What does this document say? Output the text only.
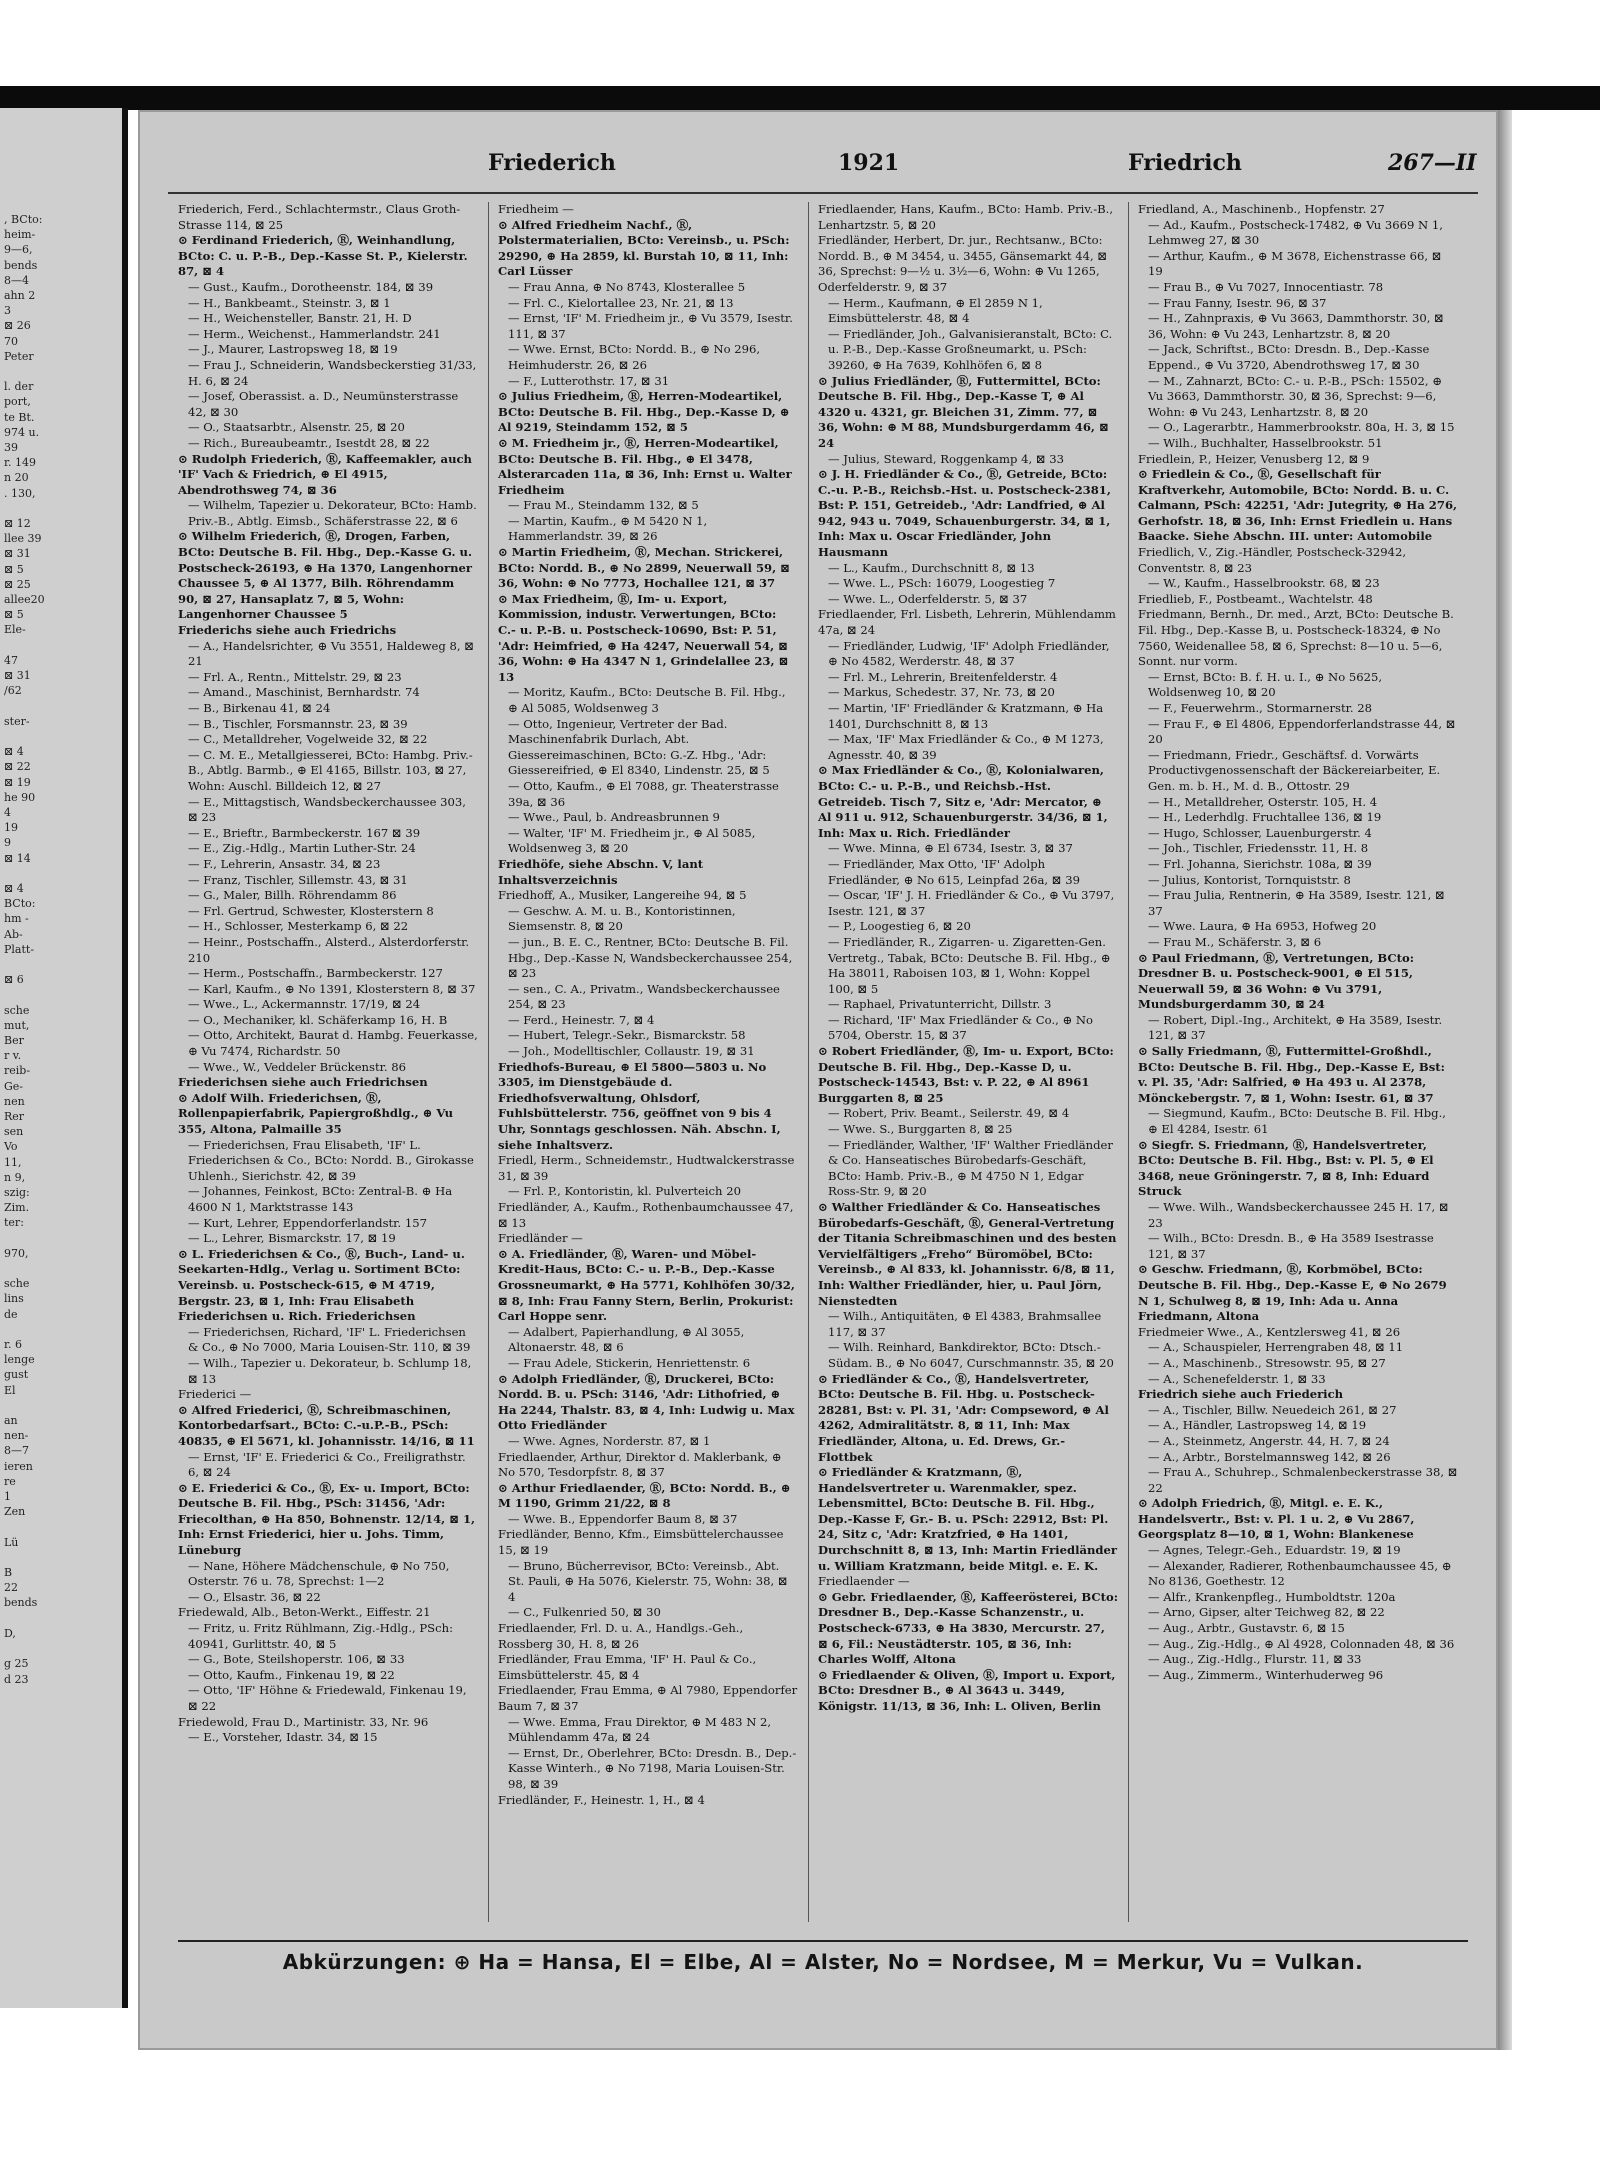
, BCto:
heim-
9—6,
bends
8—4
ahn 2
3
⊠ 26
70
Peter

l. der
port,
te Bt.
974 u.
39
r. 149
n 20
. 130,

⊠ 12
llee 39
⊠ 31
⊠ 5
⊠ 25
allee20
⊠ 5
Ele-

47
⊠ 31
/62

ster-

⊠ 4
⊠ 22
⊠ 19
he 90
4
19
9
⊠ 14

⊠ 4
BCto:
hm -
Ab-
Platt-

⊠ 6

sche
mut,
Ber
r v.
reib-
Ge-
nen
Rer
sen
Vo
11,
n 9,
szig:
Zim.
ter:

970,

sche
lins
de

r. 6
lenge
gust
El

an
nen-
8—7
ieren
re
1
Zen

Lü

B
22
bends

D,

g 25
d 23
Friederich	1921	Friedrich	267—II

Friederich, Ferd., Schlachtermstr., Claus Groth-Strasse 114, ⊠ 25

⊙ Ferdinand Friederich, Ⓡ, Weinhandlung, BCto: C. u. P.-B., Dep.-Kasse St. P., Kielerstr. 87, ⊠ 4

— Gust., Kaufm., Dorotheenstr. 184, ⊠ 39

— H., Bankbeamt., Steinstr. 3, ⊠ 1

— H., Weichensteller, Banstr. 21, H. D

— Herm., Weichenst., Hammerlandstr. 241

— J., Maurer, Lastropsweg 18, ⊠ 19

— Frau J., Schneiderin, Wandsbeckerstieg 31/33, H. 6, ⊠ 24

— Josef, Oberassist. a. D., Neumünsterstrasse 42, ⊠ 30

— O., Staatsarbtr., Alsenstr. 25, ⊠ 20

— Rich., Bureaubeamtr., Isestdt 28, ⊠ 22

⊙ Rudolph Friederich, Ⓡ, Kaffeemakler, auch 'IF' Vach & Friedrich, ⊕ El 4915, Abendrothsweg 74, ⊠ 36

— Wilhelm, Tapezier u. Dekorateur, BCto: Hamb. Priv.-B., Abtlg. Eimsb., Schäferstrasse 22, ⊠ 6

⊙ Wilhelm Friederich, Ⓡ, Drogen, Farben, BCto: Deutsche B. Fil. Hbg., Dep.-Kasse G. u. Postscheck-26193, ⊕ Ha 1370, Langenhorner Chaussee 5, ⊕ Al 1377, Bilh. Röhrendamm 90, ⊠ 27, Hansaplatz 7, ⊠ 5, Wohn: Langenhorner Chaussee 5

Friederichs siehe auch Friedrichs

— A., Handelsrichter, ⊕ Vu 3551, Haldeweg 8, ⊠ 21

— Frl. A., Rentn., Mittelstr. 29, ⊠ 23

— Amand., Maschinist, Bernhardstr. 74

— B., Birkenau 41, ⊠ 24

— B., Tischler, Forsmannstr. 23, ⊠ 39

— C., Metalldreher, Vogelweide 32, ⊠ 22

— C. M. E., Metallgiesserei, BCto: Hambg. Priv.-B., Abtlg. Barmb., ⊕ El 4165, Billstr. 103, ⊠ 27, Wohn: Auschl. Billdeich 12, ⊠ 27

— E., Mittagstisch, Wandsbeckerchaussee 303, ⊠ 23

— E., Brieftr., Barmbeckerstr. 167 ⊠ 39

— E., Zig.-Hdlg., Martin Luther-Str. 24

— F., Lehrerin, Ansastr. 34, ⊠ 23

— Franz, Tischler, Sillemstr. 43, ⊠ 31

— G., Maler, Billh. Röhrendamm 86

— Frl. Gertrud, Schwester, Klosterstern 8

— H., Schlosser, Mesterkamp 6, ⊠ 22

— Heinr., Postschaffn., Alsterd., Alsterdorferstr. 210

— Herm., Postschaffn., Barmbeckerstr. 127

— Karl, Kaufm., ⊕ No 1391, Klosterstern 8, ⊠ 37

— Wwe., L., Ackermannstr. 17/19, ⊠ 24

— O., Mechaniker, kl. Schäferkamp 16, H. B

— Otto, Architekt, Baurat d. Hambg. Feuerkasse, ⊕ Vu 7474, Richardstr. 50

— Wwe., W., Veddeler Brückenstr. 86

Friederichsen siehe auch Friedrichsen

⊙ Adolf Wilh. Friederichsen, Ⓡ, Rollenpapierfabrik, Papiergroßhdlg., ⊕ Vu 355, Altona, Palmaille 35

— Friederichsen, Frau Elisabeth, 'IF' L. Friederichsen & Co., BCto: Nordd. B., Girokasse Uhlenh., Sierichstr. 42, ⊠ 39

— Johannes, Feinkost, BCto: Zentral-B. ⊕ Ha 4600 N 1, Marktstrasse 143

— Kurt, Lehrer, Eppendorferlandstr. 157

— L., Lehrer, Bismarckstr. 17, ⊠ 19

⊙ L. Friederichsen & Co., Ⓡ, Buch-, Land- u. Seekarten-Hdlg., Verlag u. Sortiment BCto: Vereinsb. u. Postscheck-615, ⊕ M 4719, Bergstr. 23, ⊠ 1, Inh: Frau Elisabeth Friederichsen u. Rich. Friederichsen

— Friederichsen, Richard, 'IF' L. Friederichsen & Co., ⊕ No 7000, Maria Louisen-Str. 110, ⊠ 39

— Wilh., Tapezier u. Dekorateur, b. Schlump 18, ⊠ 13

Friederici —

⊙ Alfred Friederici, Ⓡ, Schreibmaschinen, Kontorbedarfsart., BCto: C.-u.P.-B., PSch: 40835, ⊕ El 5671, kl. Johannisstr. 14/16, ⊠ 11

— Ernst, 'IF' E. Friederici & Co., Freiligrathstr. 6, ⊠ 24

⊙ E. Friederici & Co., Ⓡ, Ex- u. Import, BCto: Deutsche B. Fil. Hbg., PSch: 31456, 'Adr: Friecolthan, ⊕ Ha 850, Bohnenstr. 12/14, ⊠ 1, Inh: Ernst Friederici, hier u. Johs. Timm, Lüneburg

— Nane, Höhere Mädchenschule, ⊕ No 750, Osterstr. 76 u. 78, Sprechst: 1—2

— O., Elsastr. 36, ⊠ 22

Friedewald, Alb., Beton-Werkt., Eiffestr. 21

— Fritz, u. Fritz Rühlmann, Zig.-Hdlg., PSch: 40941, Gurlittstr. 40, ⊠ 5

— G., Bote, Steilshoperstr. 106, ⊠ 33

— Otto, Kaufm., Finkenau 19, ⊠ 22

— Otto, 'IF' Höhne & Friedewald, Finkenau 19, ⊠ 22

Friedewold, Frau D., Martinistr. 33, Nr. 96

— E., Vorsteher, Idastr. 34, ⊠ 15

Friedheim —

⊙ Alfred Friedheim Nachf., Ⓡ, Polstermaterialien, BCto: Vereinsb., u. PSch: 29290, ⊕ Ha 2859, kl. Burstah 10, ⊠ 11, Inh: Carl Lüsser

— Frau Anna, ⊕ No 8743, Klosterallee 5

— Frl. C., Kielortallee 23, Nr. 21, ⊠ 13

— Ernst, 'IF' M. Friedheim jr., ⊕ Vu 3579, Isestr. 111, ⊠ 37

— Wwe. Ernst, BCto: Nordd. B., ⊕ No 296, Heimhuderstr. 26, ⊠ 26

— F., Lutterothstr. 17, ⊠ 31

⊙ Julius Friedheim, Ⓡ, Herren-Modeartikel, BCto: Deutsche B. Fil. Hbg., Dep.-Kasse D, ⊕ Al 9219, Steindamm 152, ⊠ 5

⊙ M. Friedheim jr., Ⓡ, Herren-Modeartikel, BCto: Deutsche B. Fil. Hbg., ⊕ El 3478, Alsterarcaden 11a, ⊠ 36, Inh: Ernst u. Walter Friedheim

— Frau M., Steindamm 132, ⊠ 5

— Martin, Kaufm., ⊕ M 5420 N 1, Hammerlandstr. 39, ⊠ 26

⊙ Martin Friedheim, Ⓡ, Mechan. Strickerei, BCto: Nordd. B., ⊕ No 2899, Neuerwall 59, ⊠ 36, Wohn: ⊕ No 7773, Hochallee 121, ⊠ 37

⊙ Max Friedheim, Ⓡ, Im- u. Export, Kommission, industr. Verwertungen, BCto: C.- u. P.-B. u. Postscheck-10690, Bst: P. 51, 'Adr: Heimfried, ⊕ Ha 4247, Neuerwall 54, ⊠ 36, Wohn: ⊕ Ha 4347 N 1, Grindelallee 23, ⊠ 13

— Moritz, Kaufm., BCto: Deutsche B. Fil. Hbg., ⊕ Al 5085, Woldsenweg 3

— Otto, Ingenieur, Vertreter der Bad. Maschinenfabrik Durlach, Abt. Giessereimaschinen, BCto: G.-Z. Hbg., 'Adr: Giessereifried, ⊕ El 8340, Lindenstr. 25, ⊠ 5

— Otto, Kaufm., ⊕ El 7088, gr. Theaterstrasse 39a, ⊠ 36

— Wwe., Paul, b. Andreasbrunnen 9

— Walter, 'IF' M. Friedheim jr., ⊕ Al 5085, Woldsenweg 3, ⊠ 20

Friedhöfe, siehe Abschn. V, lant Inhaltsverzeichnis

Friedhoff, A., Musiker, Langereihe 94, ⊠ 5

— Geschw. A. M. u. B., Kontoristinnen, Siemsenstr. 8, ⊠ 20

— jun., B. E. C., Rentner, BCto: Deutsche B. Fil. Hbg., Dep.-Kasse N, Wandsbeckerchaussee 254, ⊠ 23

— sen., C. A., Privatm., Wandsbeckerchaussee 254, ⊠ 23

— Ferd., Heinestr. 7, ⊠ 4

— Hubert, Telegr.-Sekr., Bismarckstr. 58

— Joh., Modelltischler, Collaustr. 19, ⊠ 31

Friedhofs-Bureau, ⊕ El 5800—5803 u. No 3305, im Dienstgebäude d. Friedhofsverwaltung, Ohlsdorf, Fuhlsbüttelerstr. 756, geöffnet von 9 bis 4 Uhr, Sonntags geschlossen. Näh. Abschn. I, siehe Inhaltsverz.

Friedl, Herm., Schneidemstr., Hudtwalckerstrasse 31, ⊠ 39

— Frl. P., Kontoristin, kl. Pulverteich 20

Friedländer, A., Kaufm., Rothenbaumchaussee 47, ⊠ 13

Friedländer —

⊙ A. Friedländer, Ⓡ, Waren- und Möbel-Kredit-Haus, BCto: C.- u. P.-B., Dep.-Kasse Grossneumarkt, ⊕ Ha 5771, Kohlhöfen 30/32, ⊠ 8, Inh: Frau Fanny Stern, Berlin, Prokurist: Carl Hoppe senr.

— Adalbert, Papierhandlung, ⊕ Al 3055, Altonaerstr. 48, ⊠ 6

— Frau Adele, Stickerin, Henriettenstr. 6

⊙ Adolph Friedländer, Ⓡ, Druckerei, BCto: Nordd. B. u. PSch: 3146, 'Adr: Lithofried, ⊕ Ha 2244, Thalstr. 83, ⊠ 4, Inh: Ludwig u. Max Otto Friedländer

— Wwe. Agnes, Norderstr. 87, ⊠ 1

Friedlaender, Arthur, Direktor d. Maklerbank, ⊕ No 570, Tesdorpfstr. 8, ⊠ 37

⊙ Arthur Friedlaender, Ⓡ, BCto: Nordd. B., ⊕ M 1190, Grimm 21/22, ⊠ 8

— Wwe. B., Eppendorfer Baum 8, ⊠ 37

Friedländer, Benno, Kfm., Eimsbüttelerchaussee 15, ⊠ 19

— Bruno, Bücherrevisor, BCto: Vereinsb., Abt. St. Pauli, ⊕ Ha 5076, Kielerstr. 75, Wohn: 38, ⊠ 4

— C., Fulkenried 50, ⊠ 30

Friedlaender, Frl. D. u. A., Handlgs.-Geh., Rossberg 30, H. 8, ⊠ 26

Friedländer, Frau Emma, 'IF' H. Paul & Co., Eimsbüttelerstr. 45, ⊠ 4

Friedlaender, Frau Emma, ⊕ Al 7980, Eppendorfer Baum 7, ⊠ 37

— Wwe. Emma, Frau Direktor, ⊕ M 483 N 2, Mühlendamm 47a, ⊠ 24

— Ernst, Dr., Oberlehrer, BCto: Dresdn. B., Dep.-Kasse Winterh., ⊕ No 7198, Maria Louisen-Str. 98, ⊠ 39

Friedländer, F., Heinestr. 1, H., ⊠ 4

Friedlaender, Hans, Kaufm., BCto: Hamb. Priv.-B., Lenhartzstr. 5, ⊠ 20

Friedländer, Herbert, Dr. jur., Rechtsanw., BCto: Nordd. B., ⊕ M 3454, u. 3455, Gänsemarkt 44, ⊠ 36, Sprechst: 9—½ u. 3½—6, Wohn: ⊕ Vu 1265, Oderfelderstr. 9, ⊠ 37

— Herm., Kaufmann, ⊕ El 2859 N 1, Eimsbüttelerstr. 48, ⊠ 4

— Friedländer, Joh., Galvanisieranstalt, BCto: C. u. P.-B., Dep.-Kasse Großneumarkt, u. PSch: 39260, ⊕ Ha 7639, Kohlhöfen 6, ⊠ 8

⊙ Julius Friedländer, Ⓡ, Futtermittel, BCto: Deutsche B. Fil. Hbg., Dep.-Kasse T, ⊕ Al 4320 u. 4321, gr. Bleichen 31, Zimm. 77, ⊠ 36, Wohn: ⊕ M 88, Mundsburgerdamm 46, ⊠ 24

— Julius, Steward, Roggenkamp 4, ⊠ 33

⊙ J. H. Friedländer & Co., Ⓡ, Getreide, BCto: C.-u. P.-B., Reichsb.-Hst. u. Postscheck-2381, Bst: P. 151, Getreideb., 'Adr: Landfried, ⊕ Al 942, 943 u. 7049, Schauenburgerstr. 34, ⊠ 1, Inh: Max u. Oscar Friedländer, John Hausmann

— L., Kaufm., Durchschnitt 8, ⊠ 13

— Wwe. L., PSch: 16079, Loogestieg 7

— Wwe. L., Oderfelderstr. 5, ⊠ 37

Friedlaender, Frl. Lisbeth, Lehrerin, Mühlendamm 47a, ⊠ 24

— Friedländer, Ludwig, 'IF' Adolph Friedländer, ⊕ No 4582, Werderstr. 48, ⊠ 37

— Frl. M., Lehrerin, Breitenfelderstr. 4

— Markus, Schedestr. 37, Nr. 73, ⊠ 20

— Martin, 'IF' Friedländer & Kratzmann, ⊕ Ha 1401, Durchschnitt 8, ⊠ 13

— Max, 'IF' Max Friedländer & Co., ⊕ M 1273, Agnesstr. 40, ⊠ 39

⊙ Max Friedländer & Co., Ⓡ, Kolonialwaren, BCto: C.- u. P.-B., und Reichsb.-Hst. Getreideb. Tisch 7, Sitz e, 'Adr: Mercator, ⊕ Al 911 u. 912, Schauenburgerstr. 34/36, ⊠ 1, Inh: Max u. Rich. Friedländer

— Wwe. Minna, ⊕ El 6734, Isestr. 3, ⊠ 37

— Friedländer, Max Otto, 'IF' Adolph Friedländer, ⊕ No 615, Leinpfad 26a, ⊠ 39

— Oscar, 'IF' J. H. Friedländer & Co., ⊕ Vu 3797, Isestr. 121, ⊠ 37

— P., Loogestieg 6, ⊠ 20

— Friedländer, R., Zigarren- u. Zigaretten-Gen. Vertretg., Tabak, BCto: Deutsche B. Fil. Hbg., ⊕ Ha 38011, Raboisen 103, ⊠ 1, Wohn: Koppel 100, ⊠ 5

— Raphael, Privatunterricht, Dillstr. 3

— Richard, 'IF' Max Friedländer & Co., ⊕ No 5704, Oberstr. 15, ⊠ 37

⊙ Robert Friedländer, Ⓡ, Im- u. Export, BCto: Deutsche B. Fil. Hbg., Dep.-Kasse D, u. Postscheck-14543, Bst: v. P. 22, ⊕ Al 8961 Burggarten 8, ⊠ 25

— Robert, Priv. Beamt., Seilerstr. 49, ⊠ 4

— Wwe. S., Burggarten 8, ⊠ 25

— Friedländer, Walther, 'IF' Walther Friedländer & Co. Hanseatisches Bürobedarfs-Geschäft, BCto: Hamb. Priv.-B., ⊕ M 4750 N 1, Edgar Ross-Str. 9, ⊠ 20

⊙ Walther Friedländer & Co. Hanseatisches Bürobedarfs-Geschäft, Ⓡ, General-Vertretung der Titania Schreibmaschinen und des besten Vervielfältigers „Freho“ Büromöbel, BCto: Vereinsb., ⊕ Al 833, kl. Johannisstr. 6/8, ⊠ 11, Inh: Walther Friedländer, hier, u. Paul Jörn, Nienstedten

— Wilh., Antiquitäten, ⊕ El 4383, Brahmsallee 117, ⊠ 37

— Wilh. Reinhard, Bankdirektor, BCto: Dtsch.-Südam. B., ⊕ No 6047, Curschmannstr. 35, ⊠ 20

⊙ Friedländer & Co., Ⓡ, Handelsvertreter, BCto: Deutsche B. Fil. Hbg. u. Postscheck-28281, Bst: v. Pl. 31, 'Adr: Compseword, ⊕ Al 4262, Admiralitätstr. 8, ⊠ 11, Inh: Max Friedländer, Altona, u. Ed. Drews, Gr.-Flottbek

⊙ Friedländer & Kratzmann, Ⓡ, Handelsvertreter u. Warenmakler, spez. Lebensmittel, BCto: Deutsche B. Fil. Hbg., Dep.-Kasse F, Gr.- B. u. PSch: 22912, Bst: Pl. 24, Sitz c, 'Adr: Kratzfried, ⊕ Ha 1401, Durchschnitt 8, ⊠ 13, Inh: Martin Friedländer u. William Kratzmann, beide Mitgl. e. E. K.

Friedlaender —

⊙ Gebr. Friedlaender, Ⓡ, Kaffeerösterei, BCto: Dresdner B., Dep.-Kasse Schanzenstr., u. Postscheck-6733, ⊕ Ha 3830, Mercurstr. 27, ⊠ 6, Fil.: Neustädterstr. 105, ⊠ 36, Inh: Charles Wolff, Altona

⊙ Friedlaender & Oliven, Ⓡ, Import u. Export, BCto: Dresdner B., ⊕ Al 3643 u. 3449, Königstr. 11/13, ⊠ 36, Inh: L. Oliven, Berlin

Friedland, A., Maschinenb., Hopfenstr. 27

— Ad., Kaufm., Postscheck-17482, ⊕ Vu 3669 N 1, Lehmweg 27, ⊠ 30

— Arthur, Kaufm., ⊕ M 3678, Eichenstrasse 66, ⊠ 19

— Frau B., ⊕ Vu 7027, Innocentiastr. 78

— Frau Fanny, Isestr. 96, ⊠ 37

— H., Zahnpraxis, ⊕ Vu 3663, Dammthorstr. 30, ⊠ 36, Wohn: ⊕ Vu 243, Lenhartzstr. 8, ⊠ 20

— Jack, Schriftst., BCto: Dresdn. B., Dep.-Kasse Eppend., ⊕ Vu 3720, Abendrothsweg 17, ⊠ 30

— M., Zahnarzt, BCto: C.- u. P.-B., PSch: 15502, ⊕ Vu 3663, Dammthorstr. 30, ⊠ 36, Sprechst: 9—6, Wohn: ⊕ Vu 243, Lenhartzstr. 8, ⊠ 20

— O., Lagerarbtr., Hammerbrookstr. 80a, H. 3, ⊠ 15

— Wilh., Buchhalter, Hasselbrookstr. 51

Friedlein, P., Heizer, Venusberg 12, ⊠ 9

⊙ Friedlein & Co., Ⓡ, Gesellschaft für Kraftverkehr, Automobile, BCto: Nordd. B. u. C. Calmann, PSch: 42251, 'Adr: Jutegrity, ⊕ Ha 276, Gerhofstr. 18, ⊠ 36, Inh: Ernst Friedlein u. Hans Baacke. Siehe Abschn. III. unter: Automobile

Friedlich, V., Zig.-Händler, Postscheck-32942, Conventstr. 8, ⊠ 23

— W., Kaufm., Hasselbrookstr. 68, ⊠ 23

Friedlieb, F., Postbeamt., Wachtelstr. 48

Friedmann, Bernh., Dr. med., Arzt, BCto: Deutsche B. Fil. Hbg., Dep.-Kasse B, u. Postscheck-18324, ⊕ No 7560, Weidenallee 58, ⊠ 6, Sprechst: 8—10 u. 5—6, Sonnt. nur vorm.

— Ernst, BCto: B. f. H. u. I., ⊕ No 5625, Woldsenweg 10, ⊠ 20

— F., Feuerwehrm., Stormarnerstr. 28

— Frau F., ⊕ El 4806, Eppendorferlandstrasse 44, ⊠ 20

— Friedmann, Friedr., Geschäftsf. d. Vorwärts Productivgenossenschaft der Bäckereiarbeiter, E. Gen. m. b. H., M. d. B., Ottostr. 29

— H., Metalldreher, Osterstr. 105, H. 4

— H., Lederhdlg. Fruchtallee 136, ⊠ 19

— Hugo, Schlosser, Lauenburgerstr. 4

— Joh., Tischler, Friedensstr. 11, H. 8

— Frl. Johanna, Sierichstr. 108a, ⊠ 39

— Julius, Kontorist, Tornquiststr. 8

— Frau Julia, Rentnerin, ⊕ Ha 3589, Isestr. 121, ⊠ 37

— Wwe. Laura, ⊕ Ha 6953, Hofweg 20

— Frau M., Schäferstr. 3, ⊠ 6

⊙ Paul Friedmann, Ⓡ, Vertretungen, BCto: Dresdner B. u. Postscheck-9001, ⊕ El 515, Neuerwall 59, ⊠ 36 Wohn: ⊕ Vu 3791, Mundsburgerdamm 30, ⊠ 24

— Robert, Dipl.-Ing., Architekt, ⊕ Ha 3589, Isestr. 121, ⊠ 37

⊙ Sally Friedmann, Ⓡ, Futtermittel-Großhdl., BCto: Deutsche B. Fil. Hbg., Dep.-Kasse E, Bst: v. Pl. 35, 'Adr: Salfried, ⊕ Ha 493 u. Al 2378, Mönckebergstr. 7, ⊠ 1, Wohn: Isestr. 61, ⊠ 37

— Siegmund, Kaufm., BCto: Deutsche B. Fil. Hbg., ⊕ El 4284, Isestr. 61

⊙ Siegfr. S. Friedmann, Ⓡ, Handelsvertreter, BCto: Deutsche B. Fil. Hbg., Bst: v. Pl. 5, ⊕ El 3468, neue Gröningerstr. 7, ⊠ 8, Inh: Eduard Struck

— Wwe. Wilh., Wandsbeckerchaussee 245 H. 17, ⊠ 23

— Wilh., BCto: Dresdn. B., ⊕ Ha 3589 Isestrasse 121, ⊠ 37

⊙ Geschw. Friedmann, Ⓡ, Korbmöbel, BCto: Deutsche B. Fil. Hbg., Dep.-Kasse E, ⊕ No 2679 N 1, Schulweg 8, ⊠ 19, Inh: Ada u. Anna Friedmann, Altona

Friedmeier Wwe., A., Kentzlersweg 41, ⊠ 26

— A., Schauspieler, Herrengraben 48, ⊠ 11

— A., Maschinenb., Stresowstr. 95, ⊠ 27

— A., Schenefelderstr. 1, ⊠ 33

Friedrich siehe auch Friederich

— A., Tischler, Billw. Neuedeich 261, ⊠ 27

— A., Händler, Lastropsweg 14, ⊠ 19

— A., Steinmetz, Angerstr. 44, H. 7, ⊠ 24

— A., Arbtr., Borstelmannsweg 142, ⊠ 26

— Frau A., Schuhrep., Schmalenbeckerstrasse 38, ⊠ 22

⊙ Adolph Friedrich, Ⓡ, Mitgl. e. E. K., Handelsvertr., Bst: v. Pl. 1 u. 2, ⊕ Vu 2867, Georgsplatz 8—10, ⊠ 1, Wohn: Blankenese

— Agnes, Telegr.-Geh., Eduardstr. 19, ⊠ 19

— Alexander, Radierer, Rothenbaumchaussee 45, ⊕ No 8136, Goethestr. 12

— Alfr., Krankenpfleg., Humboldtstr. 120a

— Arno, Gipser, alter Teichweg 82, ⊠ 22

— Aug., Arbtr., Gustavstr. 6, ⊠ 15

— Aug., Zig.-Hdlg., ⊕ Al 4928, Colonnaden 48, ⊠ 36

— Aug., Zig.-Hdlg., Flurstr. 11, ⊠ 33

— Aug., Zimmerm., Winterhuderweg 96

Abkürzungen: ⊕ Ha = Hansa, El = Elbe, Al = Alster, No = Nordsee, M = Merkur, Vu = Vulkan.
